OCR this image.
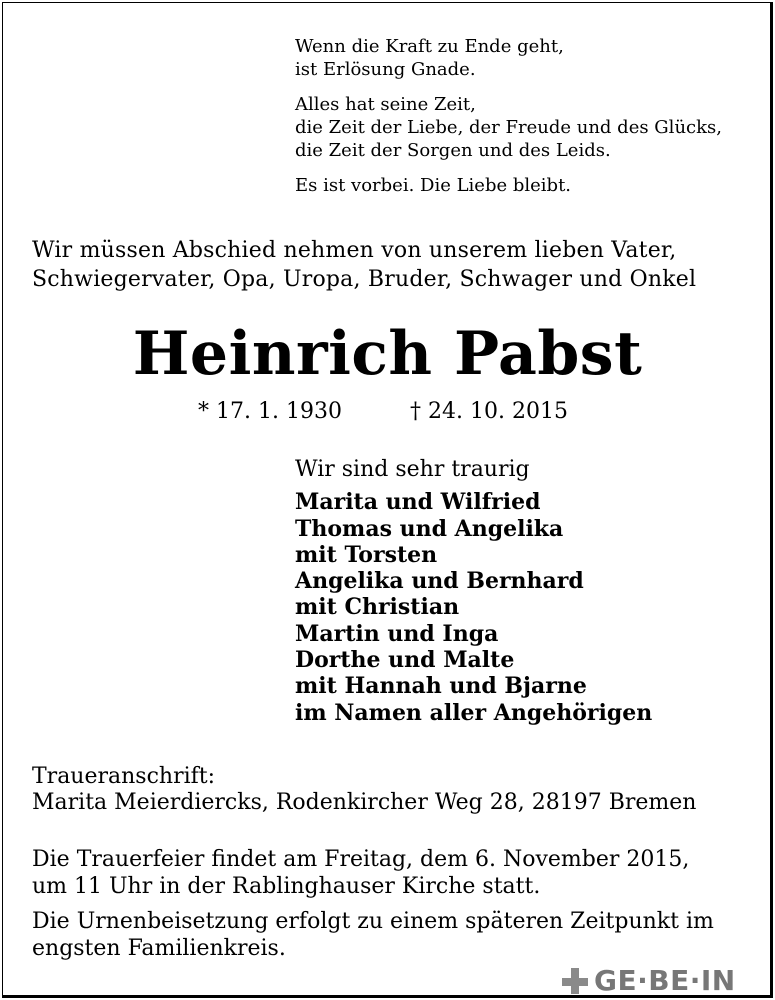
Wenn die Kraft zu Ende geht,
ist Erlösung Gnade.

Alles hat seine Zeit,
die Zeit der Liebe, der Freude und des Glücks,
die Zeit der Sorgen und des Leids.

Es ist vorbei. Die Liebe bleibt.

Wir müssen Abschied nehmen von unserem lieben Vater,
Schwiegervater, Opa, Uropa, Bruder, Schwager und Onkel
Heinrich Pabst
* 17. 1. 1930	† 24. 10. 2015
Wir sind sehr traurig
Marita und Wilfried
Thomas und Angelika
mit Torsten
Angelika und Bernhard
mit Christian
Martin und Inga
Dorthe und Malte
mit Hannah und Bjarne
im Namen aller Angehörigen
Traueranschrift:
Marita Meierdiercks, Rodenkircher Weg 28, 28197 Bremen

Die Trauerfeier findet am Freitag, dem 6. November 2015,
um 11 Uhr in der Rablinghauser Kirche statt.

Die Urnenbeisetzung erfolgt zu einem späteren Zeitpunkt im
engsten Familienkreis.

GE·BE·IN
